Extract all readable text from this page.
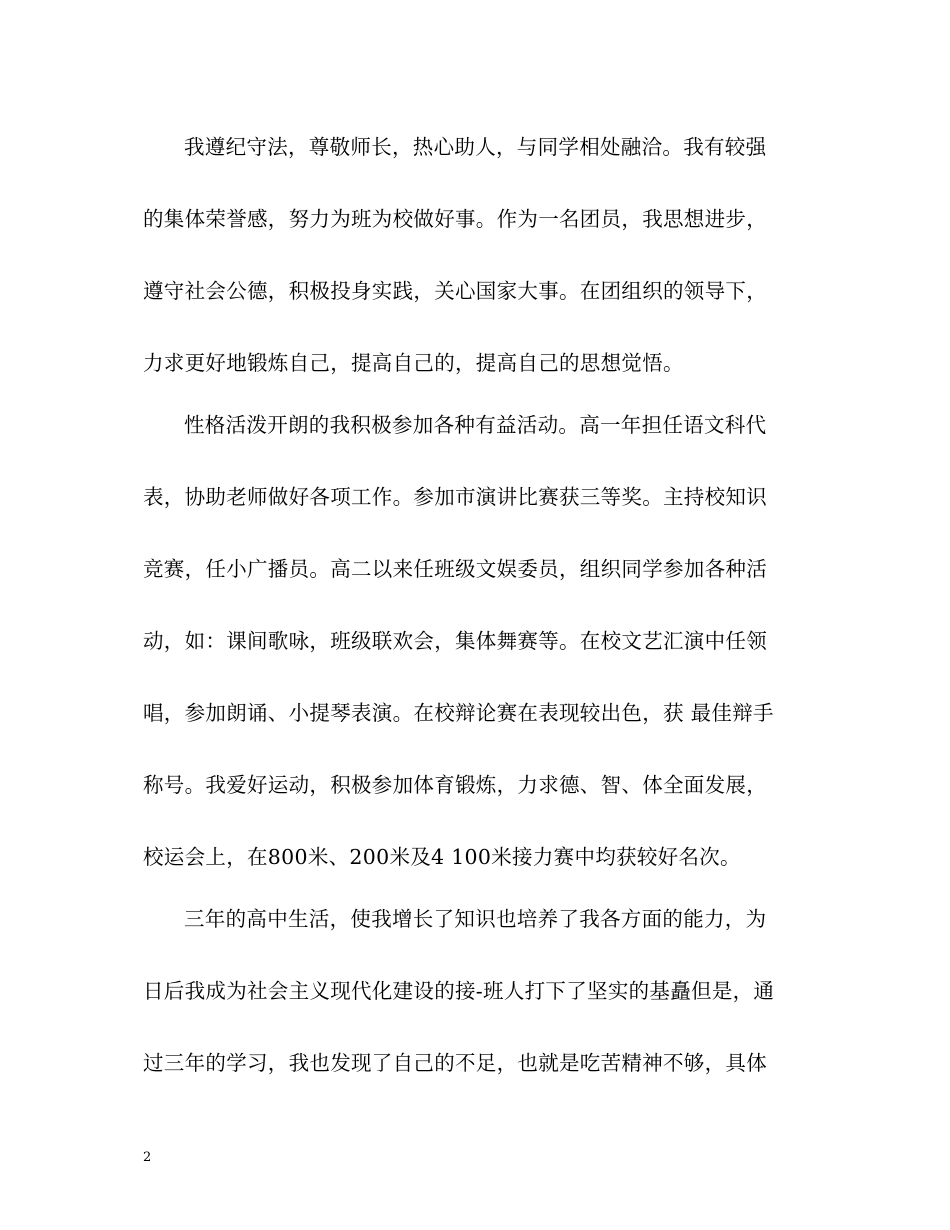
我遵纪守法，尊敬师长，热心助人，与同学相处融洽。我有较强
的集体荣誉感，努力为班为校做好事。作为一名团员，我思想进步，
遵守社会公德，积极投身实践，关心国家大事。在团组织的领导下，
力求更好地锻炼自己，提高自己的，提高自己的思想觉悟。
性格活泼开朗的我积极参加各种有益活动。高一年担任语文科代
表，协助老师做好各项工作。参加市演讲比赛获三等奖。主持校知识
竞赛，任小广播员。高二以来任班级文娱委员，组织同学参加各种活
动，如：课间歌咏，班级联欢会，集体舞赛等。在校文艺汇演中任领
唱，参加朗诵、小提琴表演。在校辩论赛在表现较出色，获 最佳辩手
称号。我爱好运动，积极参加体育锻炼，力求德、智、体全面发展，
校运会上，在800米、200米及4 100米接力赛中均获较好名次。
三年的高中生活，使我增长了知识也培养了我各方面的能力，为
日后我成为社会主义现代化建设的接-班人打下了坚实的基矗但是，通
过三年的学习，我也发现了自己的不足，也就是吃苦精神不够，具体
2
